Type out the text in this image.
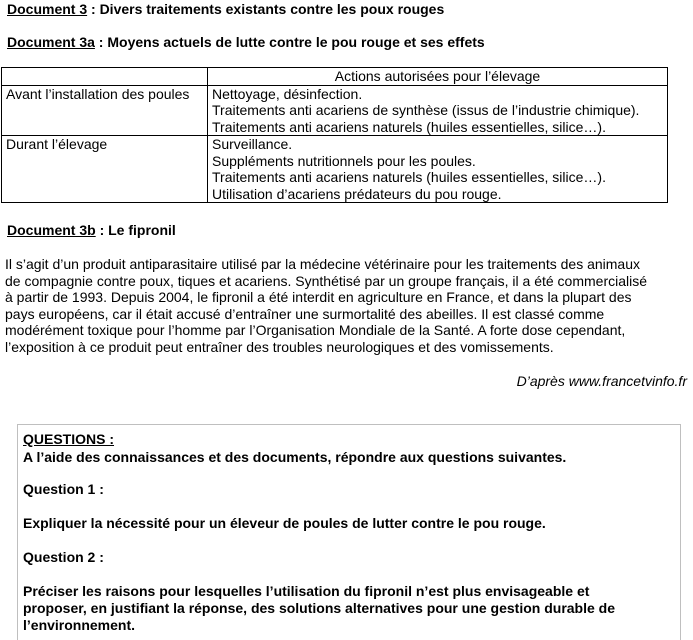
Document 3 : Divers traitements existants contre les poux rouges
Document 3a : Moyens actuels de lutte contre le pou rouge et ses effets
	Actions autorisées pour l’élevage
Avant l’installation des poules	Nettoyage, désinfection.
Traitements anti acariens de synthèse (issus de l’industrie chimique).
Traitements anti acariens naturels (huiles essentielles, silice…).

Durant l’élevage	Surveillance.
Suppléments nutritionnels pour les poules.
Traitements anti acariens naturels (huiles essentielles, silice…).
Utilisation d’acariens prédateurs du pou rouge.
Document 3b : Le fipronil

Il s’agit d’un produit antiparasitaire utilisé par la médecine vétérinaire pour les traitements des animaux

de compagnie contre poux, tiques et acariens. Synthétisé par un groupe français, il a été commercialisé

à partir de 1993. Depuis 2004, le fipronil a été interdit en agriculture en France, et dans la plupart des

pays européens, car il était accusé d’entraîner une surmortalité des abeilles. Il est classé comme

modérément toxique pour l’homme par l’Organisation Mondiale de la Santé. A forte dose cependant,

l’exposition à ce produit peut entraîner des troubles neurologiques et des vomissements.

D’après www.francetvinfo.fr
QUESTIONS :
A l’aide des connaissances et des documents, répondre aux questions suivantes.
Question 1 :
Expliquer la nécessité pour un éleveur de poules de lutter contre le pou rouge.
Question 2 :
Préciser les raisons pour lesquelles l’utilisation du fipronil n’est plus envisageable et
proposer, en justifiant la réponse, des solutions alternatives pour une gestion durable de
l’environnement.
